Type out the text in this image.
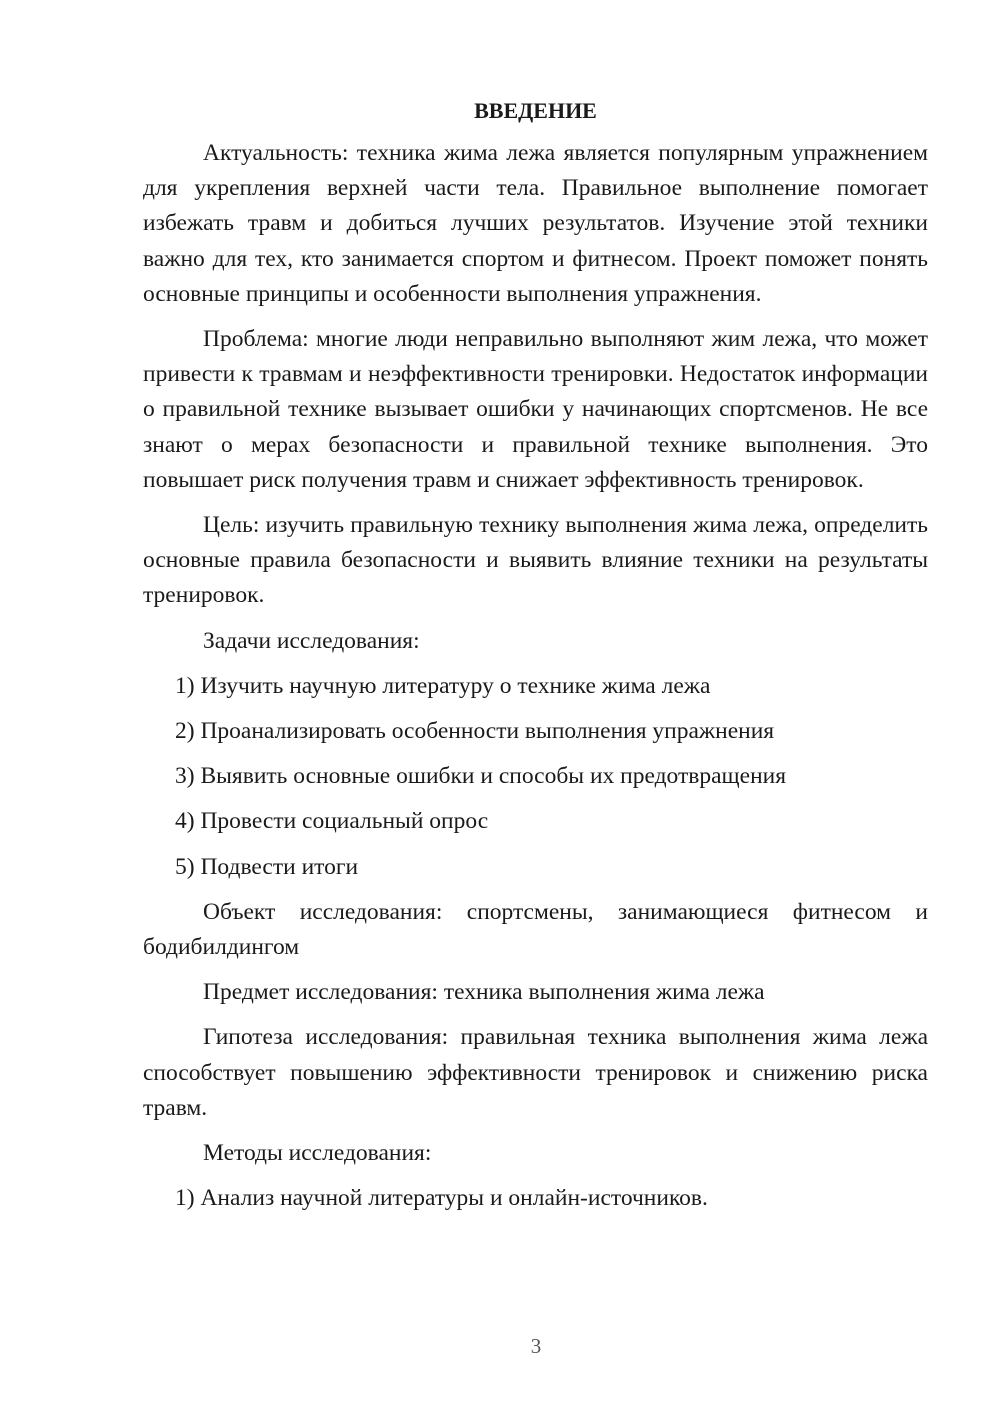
ВВЕДЕНИЕ

Актуальность: техника жима лежа является популярным упражнением для укрепления верхней части тела. Правильное выполнение помогает избежать травм и добиться лучших результатов. Изучение этой техники важно для тех, кто занимается спортом и фитнесом. Проект поможет понять основные принципы и особенности выполнения упражнения.

Проблема: многие люди неправильно выполняют жим лежа, что может привести к травмам и неэффективности тренировки. Недостаток информации о правильной технике вызывает ошибки у начинающих спортсменов. Не все знают о мерах безопасности и правильной технике выполнения. Это повышает риск получения травм и снижает эффективность тренировок.

Цель: изучить правильную технику выполнения жима лежа, определить основные правила безопасности и выявить влияние техники на результаты тренировок.

Задачи исследования:

1) Изучить научную литературу о технике жима лежа

2) Проанализировать особенности выполнения упражнения

3) Выявить основные ошибки и способы их предотвращения

4) Провести социальный опрос

5) Подвести итоги

Объект исследования: спортсмены, занимающиеся фитнесом и бодибилдингом

Предмет исследования: техника выполнения жима лежа

Гипотеза исследования: правильная техника выполнения жима лежа способствует повышению эффективности тренировок и снижению риска травм.

Методы исследования:

1) Анализ научной литературы и онлайн-источников.

3
